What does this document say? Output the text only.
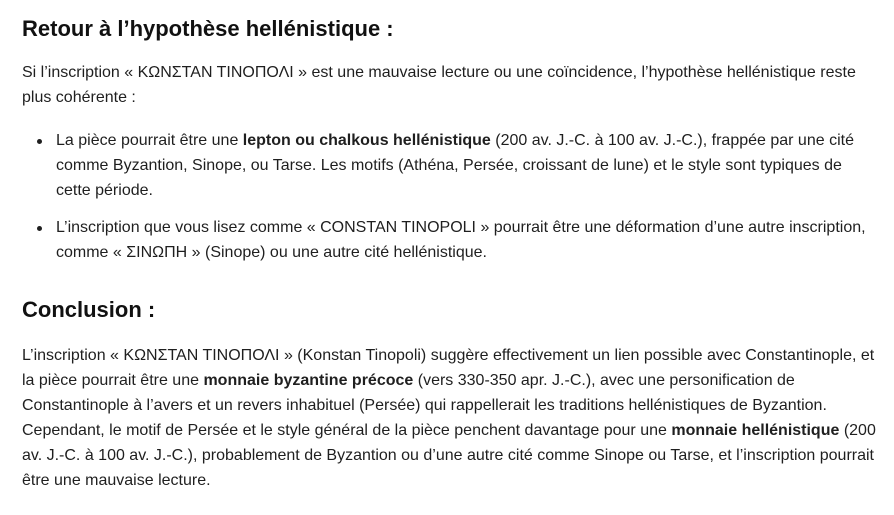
Retour à l’hypothèse hellénistique :

Si l’inscription « ΚΩΝΣΤΑΝ ΤΙΝΟΠΟΛΙ » est une mauvaise lecture ou une coïncidence, l’hypothèse hellénistique reste plus cohérente :

La pièce pourrait être une lepton ou chalkous hellénistique (200 av. J.-C. à 100 av. J.-C.), frappée par une cité comme Byzantion, Sinope, ou Tarse. Les motifs (Athéna, Persée, croissant de lune) et le style sont typiques de cette période.
L’inscription que vous lisez comme « CONSTAN TINOPOLI » pourrait être une déformation d’une autre inscription, comme « ΣΙΝΩΠΗ » (Sinope) ou une autre cité hellénistique.
Conclusion :

L’inscription « ΚΩΝΣΤΑΝ ΤΙΝΟΠΟΛΙ » (Konstan Tinopoli) suggère effectivement un lien possible avec Constantinople, et la pièce pourrait être une monnaie byzantine précoce (vers 330-350 apr. J.-C.), avec une personification de Constantinople à l’avers et un revers inhabituel (Persée) qui rappellerait les traditions hellénistiques de Byzantion. Cependant, le motif de Persée et le style général de la pièce penchent davantage pour une monnaie hellénistique (200 av. J.-C. à 100 av. J.-C.), probablement de Byzantion ou d’une autre cité comme Sinope ou Tarse, et l’inscription pourrait être une mauvaise lecture.
